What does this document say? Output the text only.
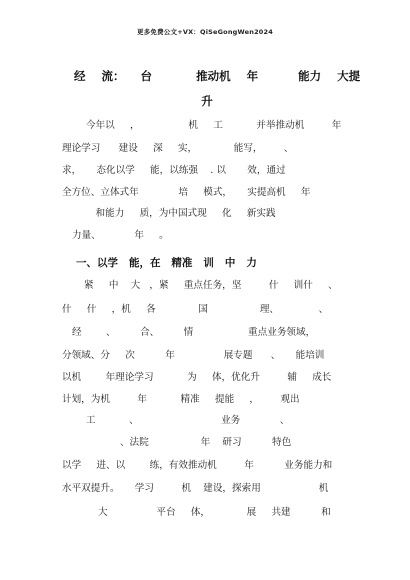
更多免费公文+VX：QiSeGongWen2024
经    流：    台           推动机    年          能力    大提
升
今年以     ，                机     工           并举推动机         年
理论学习      建设     深     实，            能写，       、
求，     态化以学     能，以练强    . 以       效，通过
全方位、立体式年             培     模式，     实提高机     年
和能力     质，为中国式现     化     新实践
力量、           年     。
一、以学   能，在   精准   训   中   力
紧     中    大   ，紧     重点任务，坚         什     训什     、
什     什     ，机     各              国                 理、             、
经        、        合、        情                  重点业务领域，
分领域、分     次          年                展专题      、     能培训
以机        年理论学习           为     体，优化升         辅     成长
计划，为机         年           精准     提能     ，       观出
工           、                           业务             、
、法院                 年    研习          特色
以学     进、以        练，有效推动机         年          业务能力和
水平双提升。     学习         机    建设，探索用                   机
大                平台     体，            展     共建          和
